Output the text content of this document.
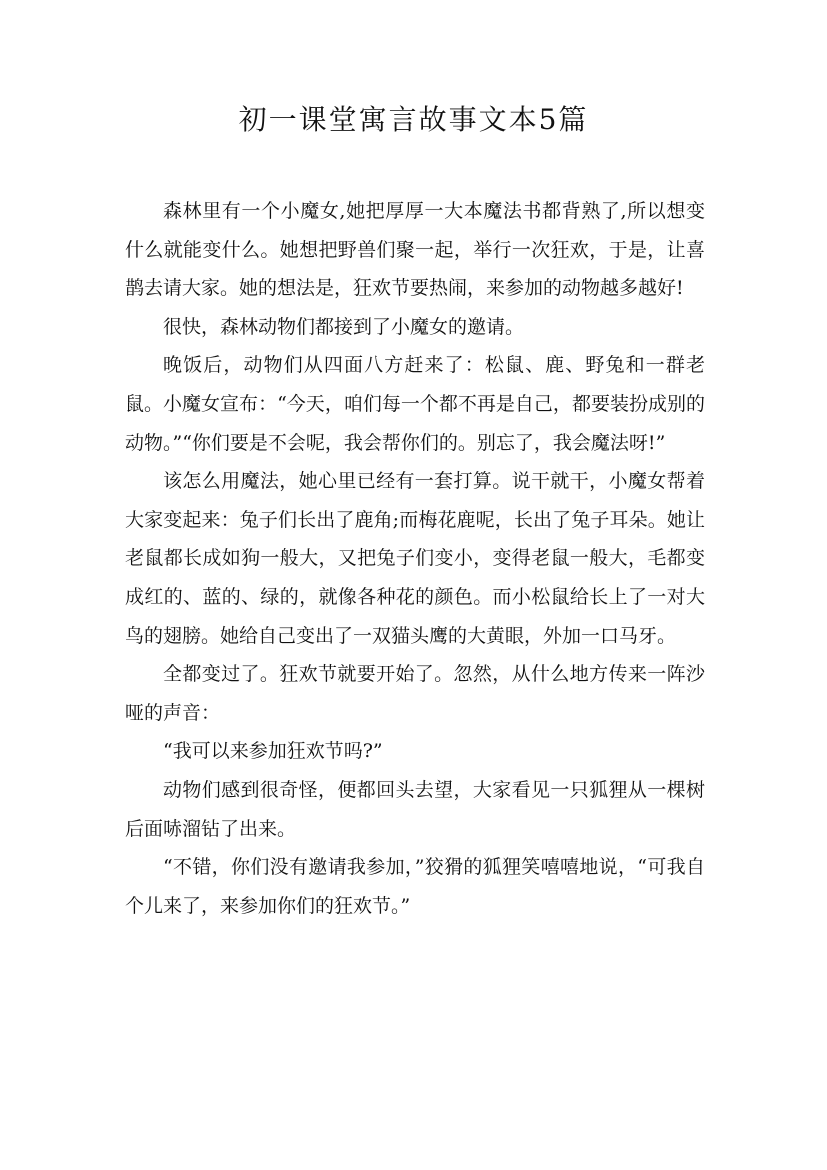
初一课堂寓言故事文本5篇

森林里有一个小魔女,她把厚厚一大本魔法书都背熟了,所以想变什么就能变什么。她想把野兽们聚一起，举行一次狂欢，于是，让喜鹊去请大家。她的想法是，狂欢节要热闹，来参加的动物越多越好!

很快，森林动物们都接到了小魔女的邀请。

晚饭后，动物们从四面八方赶来了：松鼠、鹿、野兔和一群老鼠。小魔女宣布：“今天，咱们每一个都不再是自己，都要装扮成别的动物。”“你们要是不会呢，我会帮你们的。别忘了，我会魔法呀!”

该怎么用魔法，她心里已经有一套打算。说干就干，小魔女帮着大家变起来：兔子们长出了鹿角;而梅花鹿呢，长出了兔子耳朵。她让老鼠都长成如狗一般大，又把兔子们变小，变得老鼠一般大，毛都变成红的、蓝的、绿的，就像各种花的颜色。而小松鼠给长上了一对大鸟的翅膀。她给自己变出了一双猫头鹰的大黄眼，外加一口马牙。

全都变过了。狂欢节就要开始了。忽然，从什么地方传来一阵沙哑的声音：

“我可以来参加狂欢节吗?”

动物们感到很奇怪，便都回头去望，大家看见一只狐狸从一棵树后面哧溜钻了出来。

“不错，你们没有邀请我参加，”狡猾的狐狸笑嘻嘻地说，“可我自个儿来了，来参加你们的狂欢节。”
